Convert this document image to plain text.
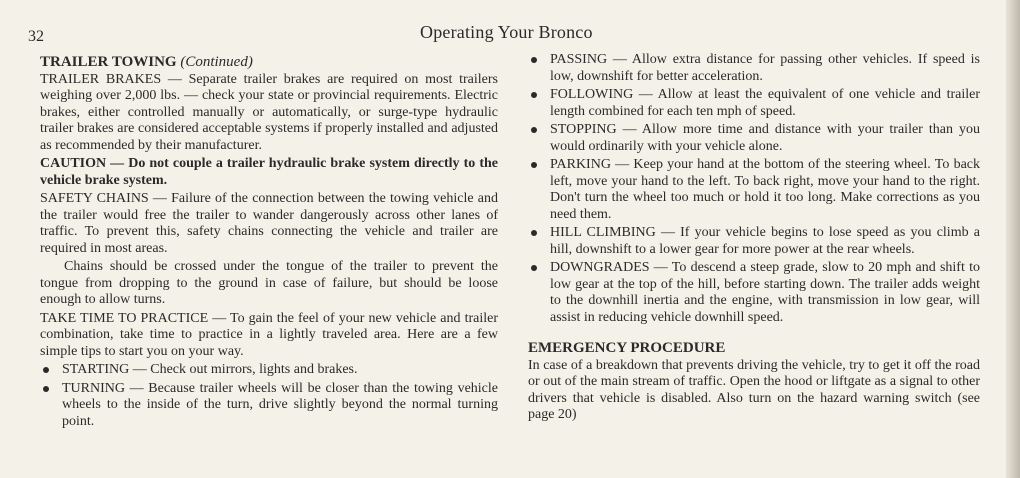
32	Operating Your Bronco
TRAILER TOWING (Continued)

TRAILER BRAKES — Separate trailer brakes are required on most trailers weighing over 2,000 lbs. — check your state or provincial requirements. Electric brakes, either controlled manually or automatically, or surge-type hydraulic trailer brakes are considered acceptable systems if properly installed and adjusted as recommended by their manufacturer.

CAUTION — Do not couple a trailer hydraulic brake system directly to the vehicle brake system.

SAFETY CHAINS — Failure of the connection between the towing vehicle and the trailer would free the trailer to wander dangerously across other lanes of traffic. To prevent this, safety chains connecting the vehicle and trailer are required in most areas.

Chains should be crossed under the tongue of the trailer to prevent the tongue from dropping to the ground in case of failure, but should be loose enough to allow turns.

TAKE TIME TO PRACTICE — To gain the feel of your new vehicle and trailer combination, take time to practice in a lightly traveled area. Here are a few simple tips to start you on your way.

STARTING — Check out mirrors, lights and brakes.
TURNING — Because trailer wheels will be closer than the towing vehicle wheels to the inside of the turn, drive slightly beyond the normal turning point.
PASSING — Allow extra distance for passing other vehicles. If speed is low, downshift for better acceleration.
FOLLOWING — Allow at least the equivalent of one vehicle and trailer length combined for each ten mph of speed.
STOPPING — Allow more time and distance with your trailer than you would ordinarily with your vehicle alone.
PARKING — Keep your hand at the bottom of the steering wheel. To back left, move your hand to the left. To back right, move your hand to the right. Don't turn the wheel too much or hold it too long. Make corrections as you need them.
HILL CLIMBING — If your vehicle begins to lose speed as you climb a hill, downshift to a lower gear for more power at the rear wheels.
DOWNGRADES — To descend a steep grade, slow to 20 mph and shift to low gear at the top of the hill, before starting down. The trailer adds weight to the downhill inertia and the engine, with transmission in low gear, will assist in reducing vehicle downhill speed.
EMERGENCY PROCEDURE

In case of a breakdown that prevents driving the vehicle, try to get it off the road or out of the main stream of traffic. Open the hood or liftgate as a signal to other drivers that vehicle is disabled. Also turn on the hazard warning switch (see page 20)
